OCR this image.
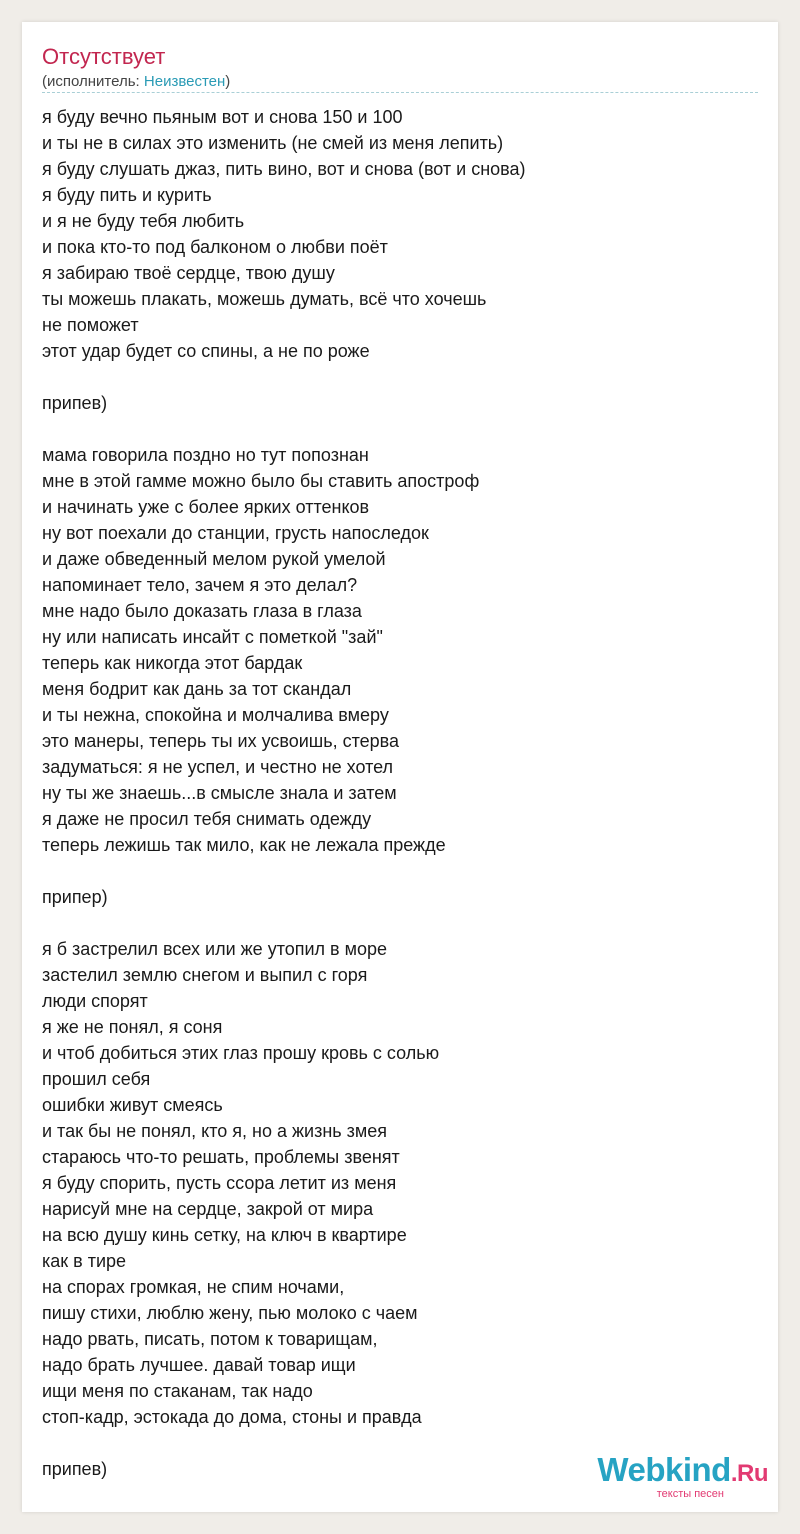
Отсутствует
(исполнитель: Неизвестен)
я буду вечно пьяным вот и снова 150 и 100
и ты не в силах это изменить (не смей из меня лепить)
я буду слушать джаз, пить вино, вот и снова (вот и снова)
я буду пить и курить
и я не буду тебя любить
и пока кто-то под балконом о любви поёт
я забираю твоё сердце, твою душу
ты можешь плакать, можешь думать, всё что хочешь
не поможет
этот удар будет со спины, а не по роже
припев)
мама говорила поздно но тут попознан
мне в этой гамме можно было бы ставить апостроф
и начинать уже с более ярких оттенков
ну вот поехали до станции, грусть напоследок
и даже обведенный мелом рукой умелой
напоминает тело, зачем я это делал?
мне надо было доказать глаза в глаза
ну или написать инсайт с пометкой "зай"
теперь как никогда этот бардак
меня бодрит как дань за тот скандал
и ты нежна, спокойна и молчалива вмеру
это манеры, теперь ты их усвоишь, стерва
задуматься: я не успел, и честно не хотел
ну ты же знаешь...в смысле знала и затем
я даже не просил тебя снимать одежду
теперь лежишь так мило, как не лежала прежде
припер)
я б застрелил всех или же утопил в море
застелил землю снегом и выпил с горя
люди спорят
я же не понял, я соня
и чтоб добиться этих глаз прошу кровь с солью
прошил себя
ошибки живут смеясь
и так бы не понял, кто я, но а жизнь змея
стараюсь что-то решать, проблемы звенят
я буду спорить, пусть ссора летит из меня
нарисуй мне на сердце, закрой от мира
на всю душу кинь сетку, на ключ в квартире
как в тире
на спорах громкая, не спим ночами,
пишу стихи, люблю жену, пью молоко с чаем
надо рвать, писать, потом к товарищам,
надо брать лучшее. давай товар ищи
ищи меня по стаканам, так надо
стоп-кадр, эстокада до дома, стоны и правда
припев)	Webkind.Ru
тексты песен
